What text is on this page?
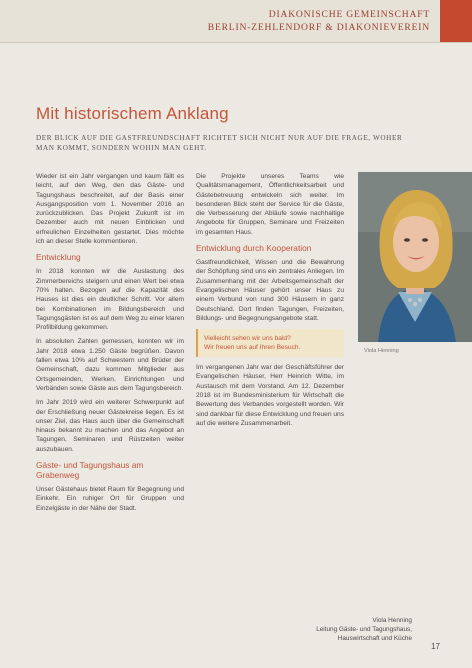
DIAKONISCHE GEMEINSCHAFT
BERLIN-ZEHLENDORF & DIAKONIEVEREIN
Mit historischem Anklang
DER BLICK AUF DIE GASTFREUNDSCHAFT RICHTET SICH NICHT NUR AUF DIE FRAGE, WOHER
MAN KOMMT, SONDERN WOHIN MAN GEHT.

Wieder ist ein Jahr vergangen und kaum fällt es leicht, auf den Weg, den das Gäste- und Tagungshaus beschreitet, auf der Basis einer Ausgangsposition vom 1. November 2016 an zurückzublicken. Das Projekt Zukunft ist im Dezember auch mit neuen Einblicken und erfreulichen Einzelheiten gestartet. Dies möchte ich an dieser Stelle kommentieren.

Entwicklung

In 2018 konnten wir die Auslastung des Zimmerbereichs steigern und einen Wert bei etwa 70% halten. Bezogen auf die Kapazität des Hauses ist dies ein deutlicher Schritt. Vor allem bei Kombinationen im Bildungsbereich und Tagungsgästen ist es auf dem Weg zu einer klaren Profilbildung gekommen.

In absoluten Zahlen gemessen, konnten wir im Jahr 2018 etwa 1.250 Gäste begrüßen. Davon fallen etwa 10% auf Schwestern und Brüder der Gemeinschaft, dazu kommen Mitglieder aus Ortsgemeinden, Werken, Einrichtungen und Verbänden sowie Gäste aus dem Tagungsbereich.

Im Jahr 2019 wird ein weiterer Schwerpunkt auf der Erschließung neuer Gästekreise liegen. Es ist unser Ziel, das Haus auch über die Gemeinschaft hinaus bekannt zu machen und das Angebot an Tagungen, Seminaren und Rüstzeiten weiter auszubauen.

Gäste- und Tagungshaus am Grabenweg

Unser Gästehaus bietet Raum für Begegnung und Einkehr. Ein ruhiger Ort für Gruppen und Einzelgäste in der Nähe der Stadt.

Die Projekte unseres Teams wie Qualitätsmanagement, Öffentlichkeitsarbeit und Gästebetreuung entwickeln sich weiter. Im besonderen Blick steht der Service für die Gäste, die Verbesserung der Abläufe sowie nachhaltige Angebote für Gruppen, Seminare und Freizeiten im gesamten Haus.

Entwicklung durch Kooperation

Gastfreundlichkeit, Wissen und die Bewahrung der Schöpfung sind uns ein zentrales Anliegen. Im Zusammenhang mit der Arbeitsgemeinschaft der Evangelischen Häuser gehört unser Haus zu einem Verbund von rund 300 Häusern in ganz Deutschland. Dort finden Tagungen, Freizeiten, Bildungs- und Begegnungsangebote statt.

Vielleicht sehen wir uns bald?
Wir freuen uns auf Ihren Besuch.

Im vergangenen Jahr war der Geschäftsführer der Evangelischen Häuser, Herr Heinrich Witte, im Austausch mit dem Vorstand. Am 12. Dezember 2018 ist im Bundesministerium für Wirtschaft die Bewertung des Verbandes vorgestellt worden. Wir sind dankbar für diese Entwicklung und freuen uns auf die weitere Zusammenarbeit.

Viola Henning
Viola Henning
Leitung Gäste- und Tagungshaus,
Hauswirtschaft und Küche
17
